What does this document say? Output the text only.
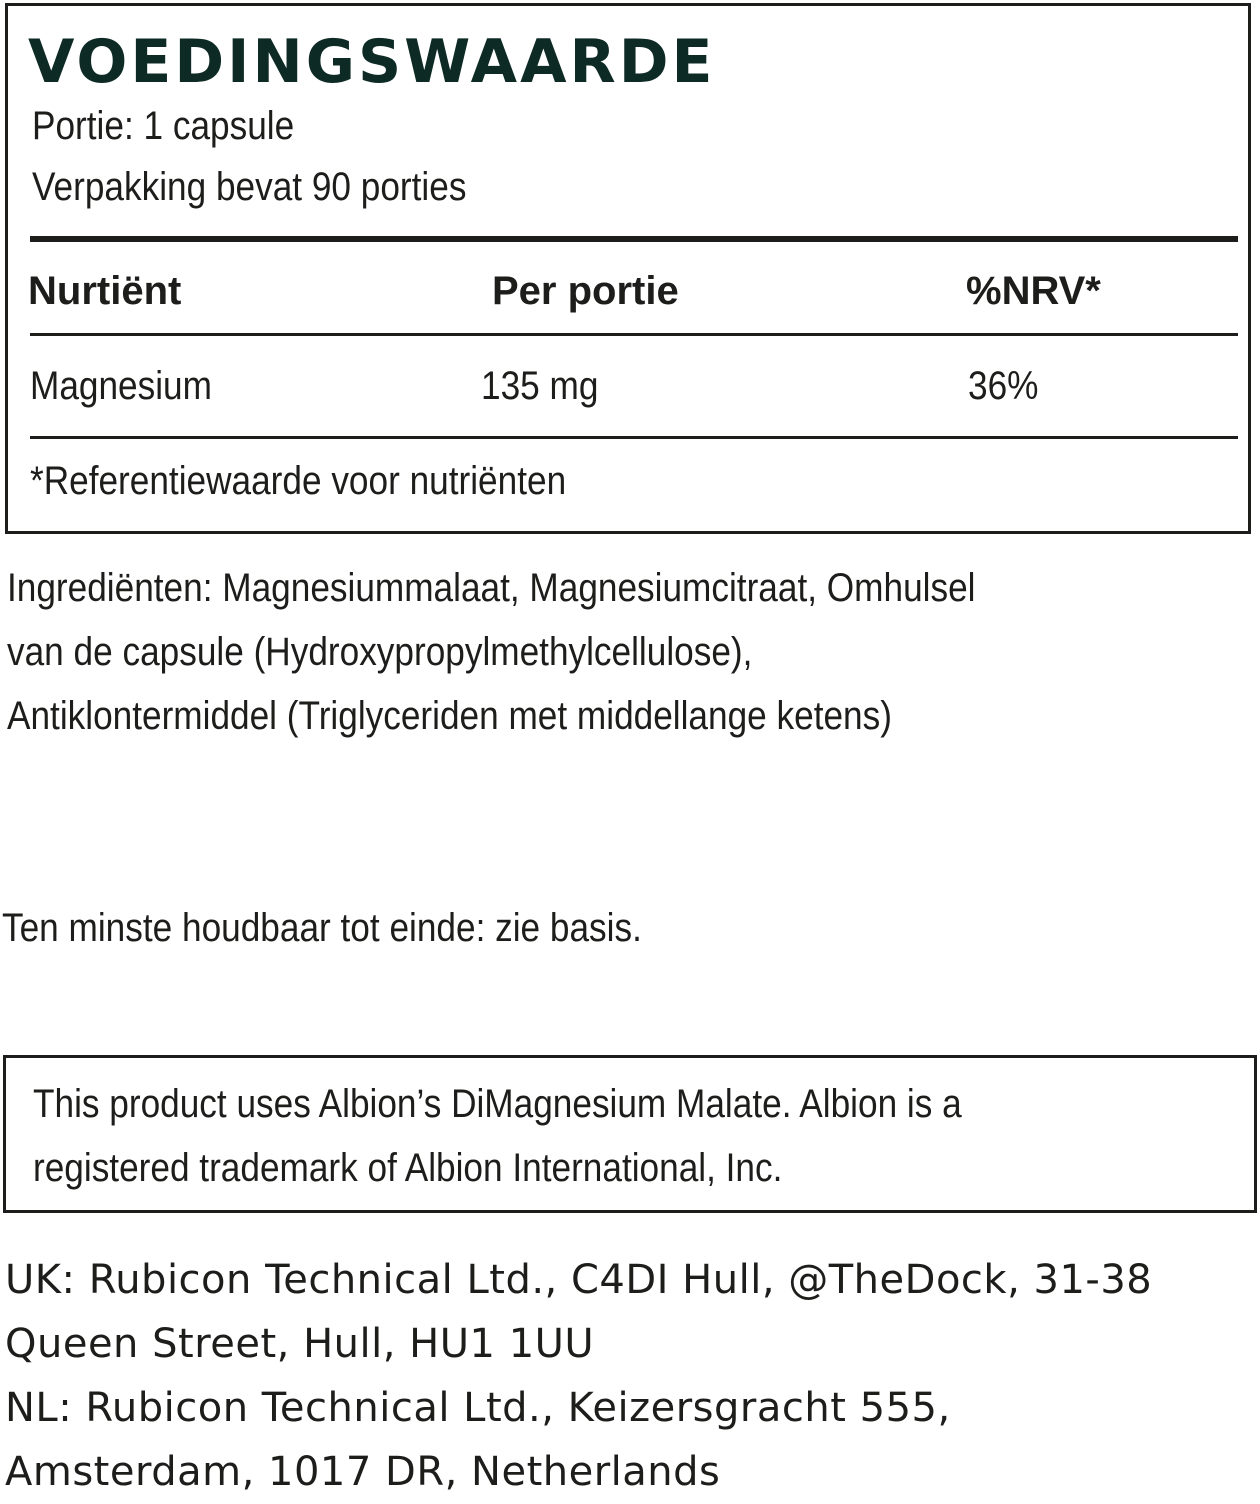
VOEDINGSWAARDE
Portie: 1 capsule
Verpakking bevat 90 porties
Nurtiënt	Per portie	%NRV*
Magnesium	135 mg	36%
*Referentiewaarde voor nutriënten
Ingrediënten: Magnesiummalaat, Magnesiumcitraat, Omhulsel
van de capsule (Hydroxypropylmethylcellulose),
Antiklontermiddel (Triglyceriden met middellange ketens)
Ten minste houdbaar tot einde: zie basis.
This product uses Albion’s DiMagnesium Malate. Albion is a
registered trademark of Albion International, Inc.
UK: Rubicon Technical Ltd., C4DI Hull, @TheDock, 31-38
Queen Street, Hull, HU1 1UU
NL: Rubicon Technical Ltd., Keizersgracht 555,
Amsterdam, 1017 DR, Netherlands
